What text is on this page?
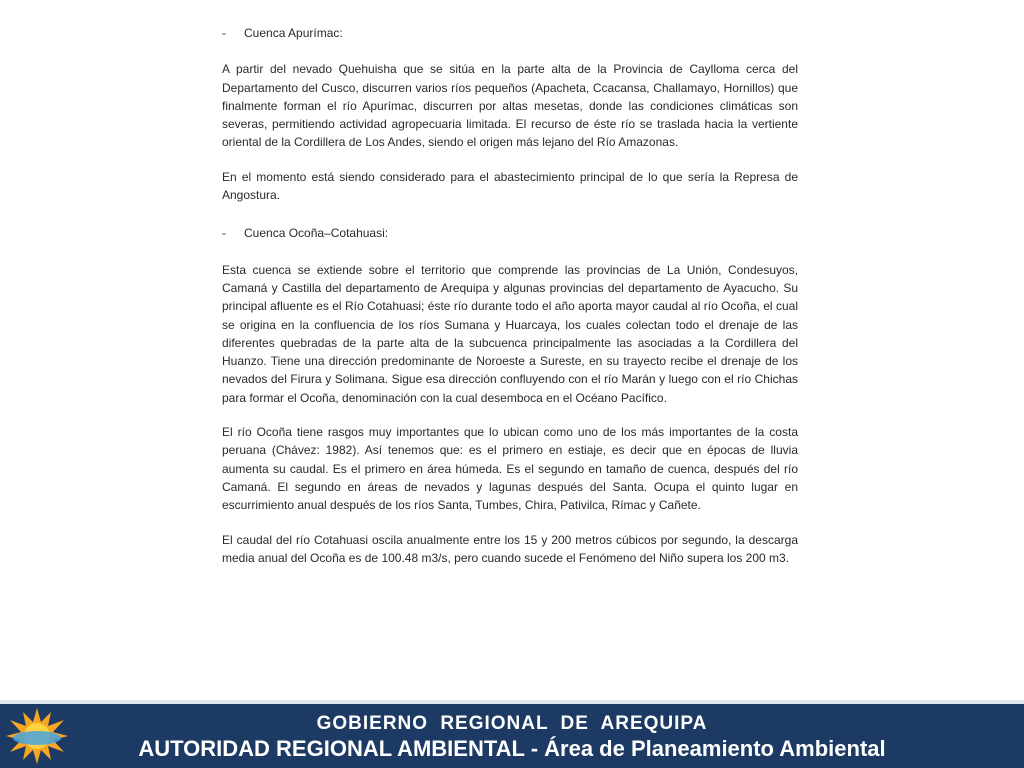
-	Cuenca Apurímac:

A partir del nevado Quehuisha que se sitúa en la parte alta de la Provincia de Caylloma cerca del Departamento del Cusco, discurren varios ríos pequeños (Apacheta, Ccacansa, Challamayo, Hornillos) que finalmente forman el río Apurímac, discurren por altas mesetas, donde las condiciones climáticas son severas, permitiendo actividad agropecuaria limitada. El recurso de éste río se traslada hacia la vertiente oriental de la Cordillera de Los Andes, siendo el origen más lejano del Río Amazonas.

En el momento está siendo considerado para el abastecimiento principal de lo que sería la Represa de Angostura.

-	Cuenca Ocoña–Cotahuasi:

Esta cuenca se extiende sobre el territorio que comprende las provincias de La Unión, Condesuyos, Camaná y Castilla del departamento de Arequipa y algunas provincias del departamento de Ayacucho. Su principal afluente es el Río Cotahuasi; éste río durante todo el año aporta mayor caudal al río Ocoña, el cual se origina en la confluencia de los ríos Sumana y Huarcaya, los cuales colectan todo el drenaje de las diferentes quebradas de la parte alta de la subcuenca principalmente las asociadas a la Cordillera del Huanzo. Tiene una dirección predominante de Noroeste a Sureste, en su trayecto recibe el drenaje de los nevados del Firura y Solimana. Sigue esa dirección confluyendo con el río Marán y luego con el río Chichas para formar el Ocoña, denominación con la cual desemboca en el Océano Pacífico.

El río Ocoña tiene rasgos muy importantes que lo ubican como uno de los más importantes de la costa peruana (Chávez: 1982). Así tenemos que: es el primero en estiaje, es decir que en épocas de lluvia aumenta su caudal. Es el primero en área húmeda. Es el segundo en tamaño de cuenca, después del río Camaná. El segundo en áreas de nevados y lagunas después del Santa. Ocupa el quinto lugar en escurrimiento anual después de los ríos Santa, Tumbes, Chira, Pativilca, Rímac y Cañete.

El caudal del río Cotahuasi oscila anualmente entre los 15 y 200 metros cúbicos por segundo, la descarga media anual del Ocoña es de 100.48 m3/s, pero cuando sucede el Fenómeno del Niño supera los 200 m3.

GOBIERNO REGIONAL DE AREQUIPA
AUTORIDAD REGIONAL AMBIENTAL - Área de Planeamiento Ambiental
